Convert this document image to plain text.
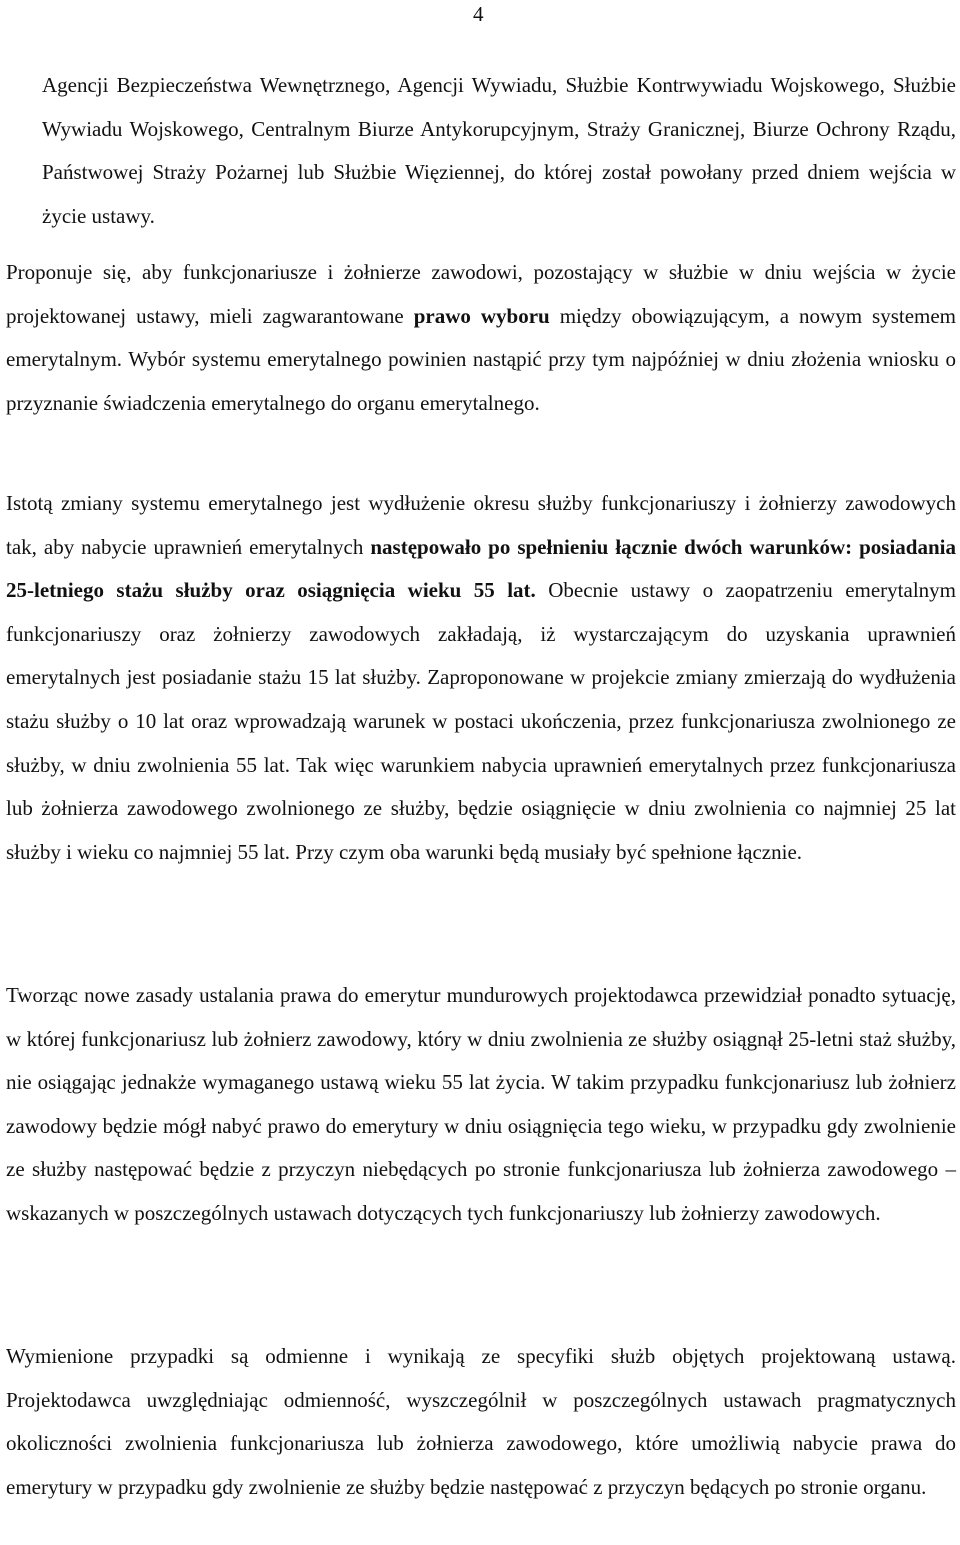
4

Agencji Bezpieczeństwa Wewnętrznego, Agencji Wywiadu, Służbie Kontrwywiadu Wojskowego, Służbie Wywiadu Wojskowego, Centralnym Biurze Antykorupcyjnym, Straży Granicznej, Biurze Ochrony Rządu, Państwowej Straży Pożarnej lub Służbie Więziennej, do której został powołany przed dniem wejścia w życie ustawy.

Proponuje się, aby funkcjonariusze i żołnierze zawodowi, pozostający w służbie w dniu wejścia w życie projektowanej ustawy, mieli zagwarantowane prawo wyboru między obowiązującym, a nowym systemem emerytalnym. Wybór systemu emerytalnego powinien nastąpić przy tym najpóźniej w dniu złożenia wniosku o przyznanie świadczenia emerytalnego do organu emerytalnego.

Istotą zmiany systemu emerytalnego jest wydłużenie okresu służby funkcjonariuszy i żołnierzy zawodowych tak, aby nabycie uprawnień emerytalnych następowało po spełnieniu łącznie dwóch warunków: posiadania 25-letniego stażu służby oraz osiągnięcia wieku 55 lat. Obecnie ustawy o zaopatrzeniu emerytalnym funkcjonariuszy oraz żołnierzy zawodowych zakładają, iż wystarczającym do uzyskania uprawnień emerytalnych jest posiadanie stażu 15 lat służby. Zaproponowane w projekcie zmiany zmierzają do wydłużenia stażu służby o 10 lat oraz wprowadzają warunek w postaci ukończenia, przez funkcjonariusza zwolnionego ze służby, w dniu zwolnienia 55 lat. Tak więc warunkiem nabycia uprawnień emerytalnych przez funkcjonariusza lub żołnierza zawodowego zwolnionego ze służby, będzie osiągnięcie w dniu zwolnienia co najmniej 25 lat służby i wieku co najmniej 55 lat. Przy czym oba warunki będą musiały być spełnione łącznie.

Tworząc nowe zasady ustalania prawa do emerytur mundurowych projektodawca przewidział ponadto sytuację, w której funkcjonariusz lub żołnierz zawodowy, który w dniu zwolnienia ze służby osiągnął 25-letni staż służby, nie osiągając jednakże wymaganego ustawą wieku 55 lat życia. W takim przypadku funkcjonariusz lub żołnierz zawodowy będzie mógł nabyć prawo do emerytury w dniu osiągnięcia tego wieku, w przypadku gdy zwolnienie ze służby następować będzie z przyczyn niebędących po stronie funkcjonariusza lub żołnierza zawodowego – wskazanych w poszczególnych ustawach dotyczących tych funkcjonariuszy lub żołnierzy zawodowych.

Wymienione przypadki są odmienne i wynikają ze specyfiki służb objętych projektowaną ustawą. Projektodawca uwzględniając odmienność, wyszczególnił w poszczególnych ustawach pragmatycznych okoliczności zwolnienia funkcjonariusza lub żołnierza zawodowego, które umożliwią nabycie prawa do emerytury w przypadku gdy zwolnienie ze służby będzie następować z przyczyn będących po stronie organu.
